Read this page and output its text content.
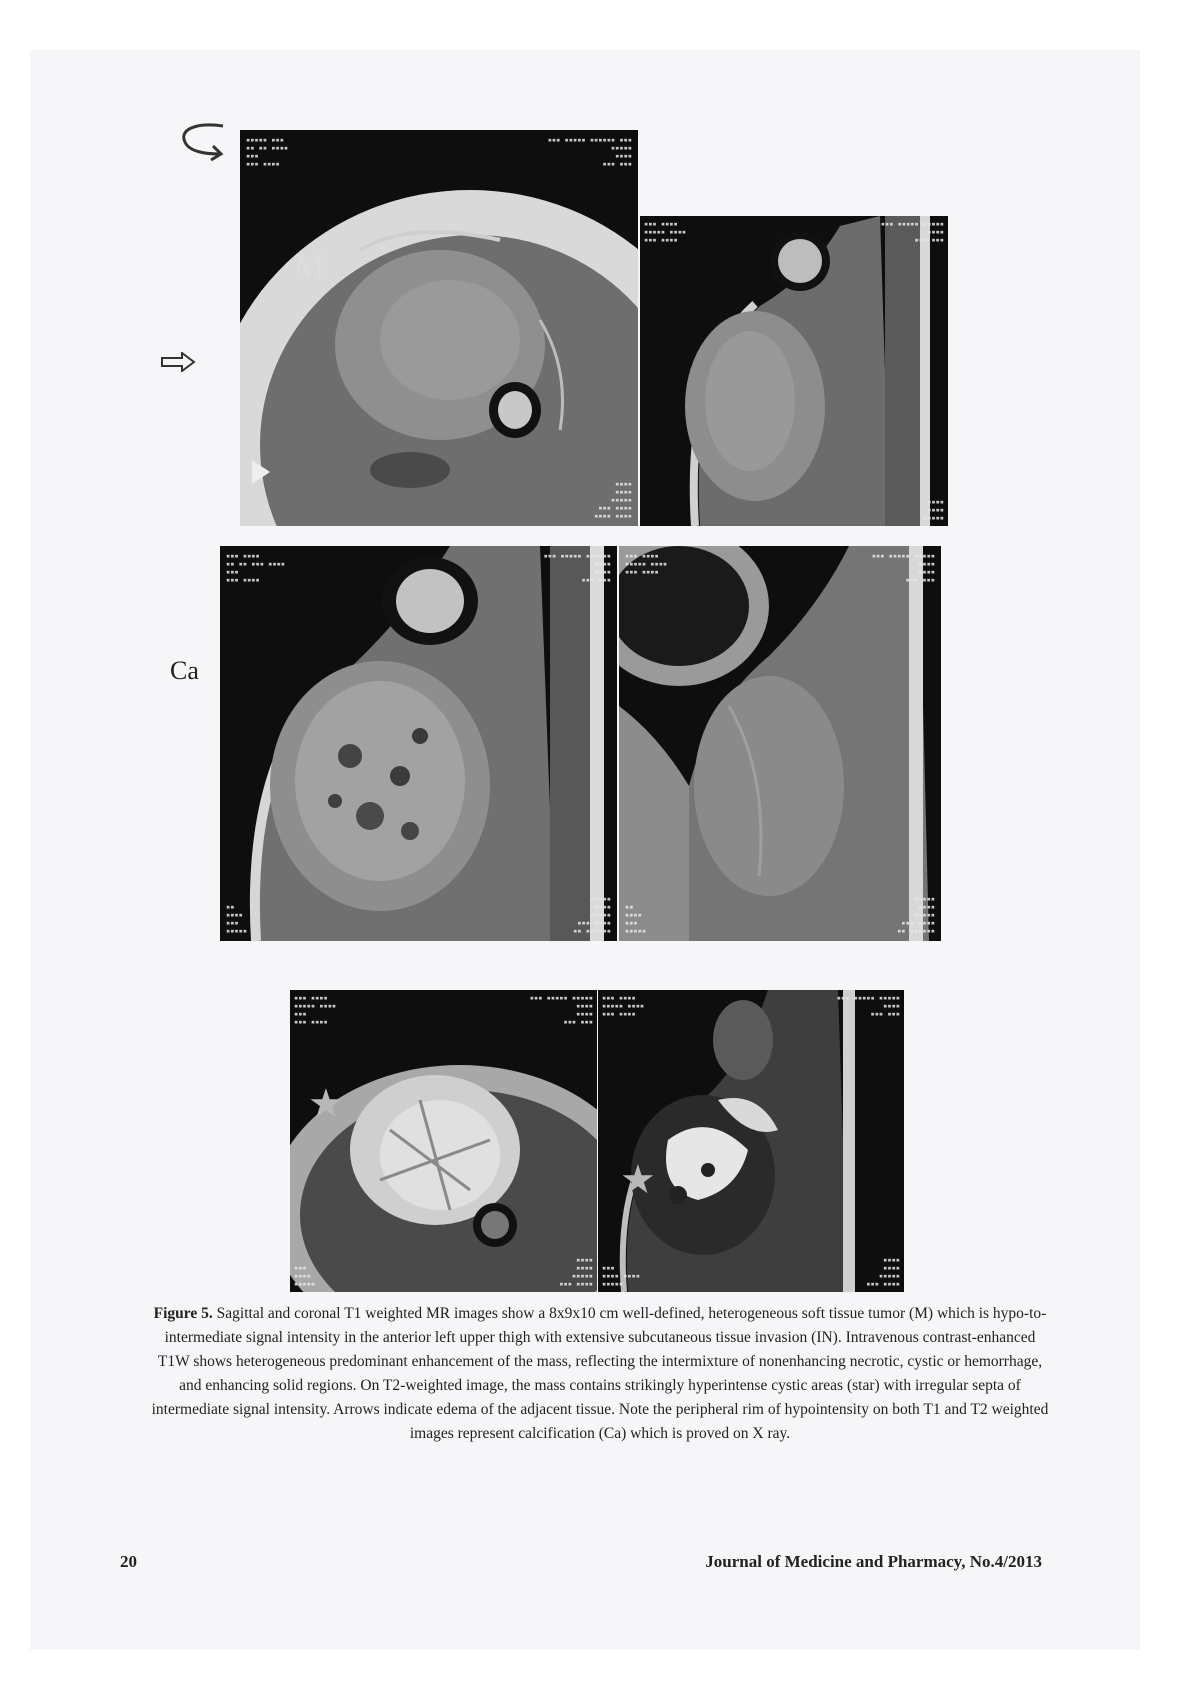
▪▪▪▪▪ ▪▪▪
▪▪ ▪▪ ▪▪▪▪
▪▪▪
▪▪▪ ▪▪▪▪
▪▪▪ ▪▪▪▪▪ ▪▪▪▪▪▪ ▪▪▪
▪▪▪▪▪
▪▪▪▪
▪▪▪ ▪▪▪
▪▪▪▪
▪▪▪▪
▪▪▪▪▪
▪▪▪ ▪▪▪▪
▪▪▪▪ ▪▪▪▪
M
▪▪▪ ▪▪▪▪
▪▪▪▪▪ ▪▪▪▪
▪▪▪ ▪▪▪▪
▪▪▪ ▪▪▪▪▪ ▪▪▪▪▪
▪▪▪▪
▪▪▪ ▪▪▪
▪▪▪▪
▪▪▪▪
▪▪▪▪▪
Ca
▪▪▪ ▪▪▪▪
▪▪ ▪▪ ▪▪▪ ▪▪▪▪
▪▪▪
▪▪▪ ▪▪▪▪
▪▪▪ ▪▪▪▪▪ ▪▪▪▪▪▪
▪▪▪▪
▪▪▪▪
▪▪▪ ▪▪▪
▪▪
▪▪▪▪
▪▪▪
▪▪▪▪▪
▪▪▪▪▪
▪▪▪▪
▪▪▪▪▪
▪▪▪ ▪▪▪▪
▪▪ ▪▪▪▪▪▪
▪▪▪ ▪▪▪▪
▪▪▪▪▪ ▪▪▪▪
▪▪▪ ▪▪▪▪
▪▪▪ ▪▪▪▪▪ ▪▪▪▪▪
▪▪▪▪
▪▪▪▪
▪▪▪ ▪▪▪
▪▪
▪▪▪▪
▪▪▪
▪▪▪▪▪
▪▪▪▪▪
▪▪▪▪
▪▪▪▪▪
▪▪▪ ▪▪▪▪
▪▪ ▪▪▪▪▪▪
▪▪▪ ▪▪▪▪
▪▪▪▪▪ ▪▪▪▪
▪▪▪
▪▪▪ ▪▪▪▪
▪▪▪ ▪▪▪▪▪ ▪▪▪▪▪
▪▪▪▪
▪▪▪▪
▪▪▪ ▪▪▪
▪▪▪
▪▪▪▪
▪▪▪▪▪
▪▪▪▪
▪▪▪▪
▪▪▪▪▪
▪▪▪ ▪▪▪▪
★
▪▪▪ ▪▪▪▪
▪▪▪▪▪ ▪▪▪▪
▪▪▪ ▪▪▪▪
▪▪▪ ▪▪▪▪▪ ▪▪▪▪▪
▪▪▪▪
▪▪▪ ▪▪▪
▪▪▪
▪▪▪▪ ▪▪▪▪
▪▪▪▪▪
▪▪▪▪
▪▪▪▪
▪▪▪▪▪
▪▪▪ ▪▪▪▪
★
Figure 5. Sagittal and coronal T1 weighted MR images show a 8x9x10 cm well-defined, heterogeneous soft tissue tumor (M) which is hypo-to-intermediate signal intensity in the anterior left upper thigh with extensive subcutaneous tissue invasion (IN). Intravenous contrast-enhanced T1W shows heterogeneous predominant enhancement of the mass, reflecting the intermixture of nonenhancing necrotic, cystic or hemorrhage, and enhancing solid regions. On T2-weighted image, the mass contains strikingly hyperintense cystic areas (star) with irregular septa of intermediate signal intensity. Arrows indicate edema of the adjacent tissue. Note the peripheral rim of hypointensity on both T1 and T2 weighted images represent calcification (Ca) which is proved on X ray.
20	Journal of Medicine and Pharmacy, No.4/2013
